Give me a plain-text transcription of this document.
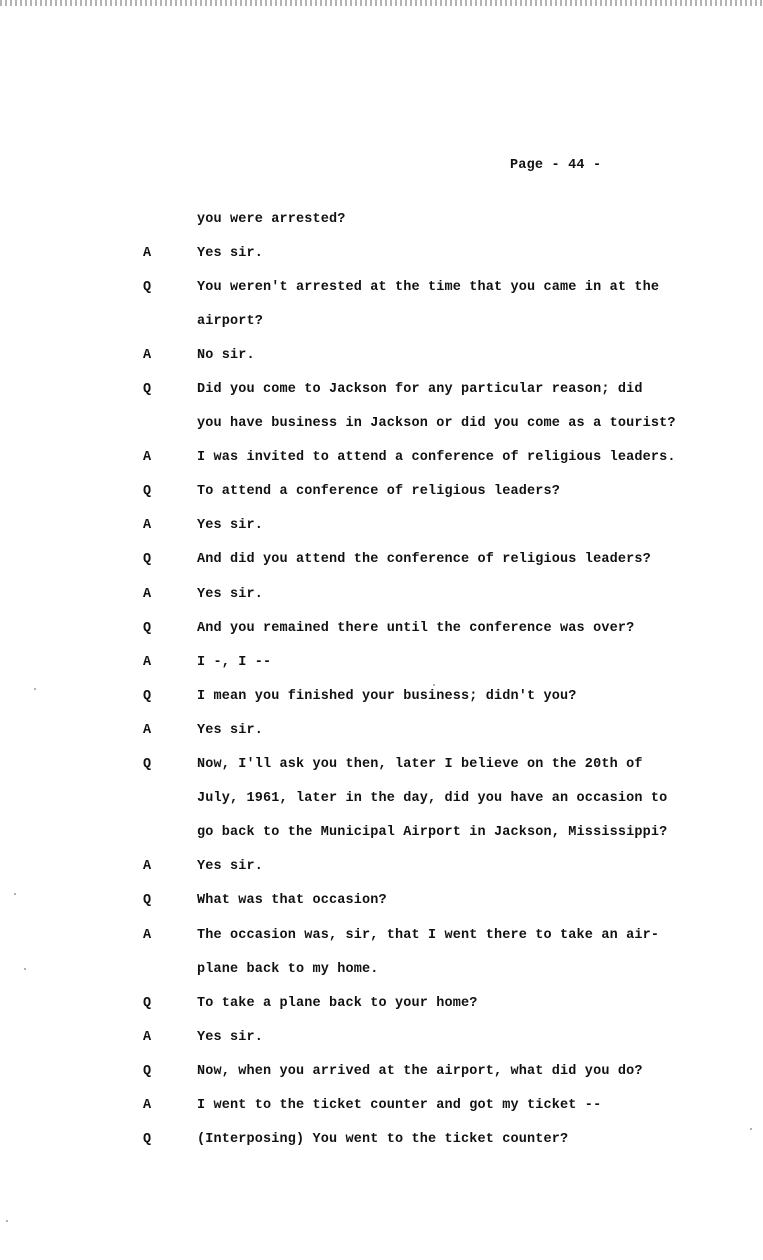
Page - 44 -
you were arrested?
A	Yes sir.
Q	You weren't arrested at the time that you came in at the
airport?
A	No sir.
Q	Did you come to Jackson for any particular reason; did
you have business in Jackson or did you come as a tourist?
A	I was invited to attend a conference of religious leaders.
Q	To attend a conference of religious leaders?
A	Yes sir.
Q	And did you attend the conference of religious leaders?
A	Yes sir.
Q	And you remained there until the conference was over?
A	I -, I --
Q	I mean you finished your business; didn't you?
A	Yes sir.
Q	Now, I'll ask you then, later I believe on the 20th of
July, 1961, later in the day, did you have an occasion to
go back to the Municipal Airport in Jackson, Mississippi?
A	Yes sir.
Q	What was that occasion?
A	The occasion was, sir, that I went there to take an air-
plane back to my home.
Q	To take a plane back to your home?
A	Yes sir.
Q	Now, when you arrived at the airport, what did you do?
A	I went to the ticket counter and got my ticket --
Q	(Interposing) You went to the ticket counter?
